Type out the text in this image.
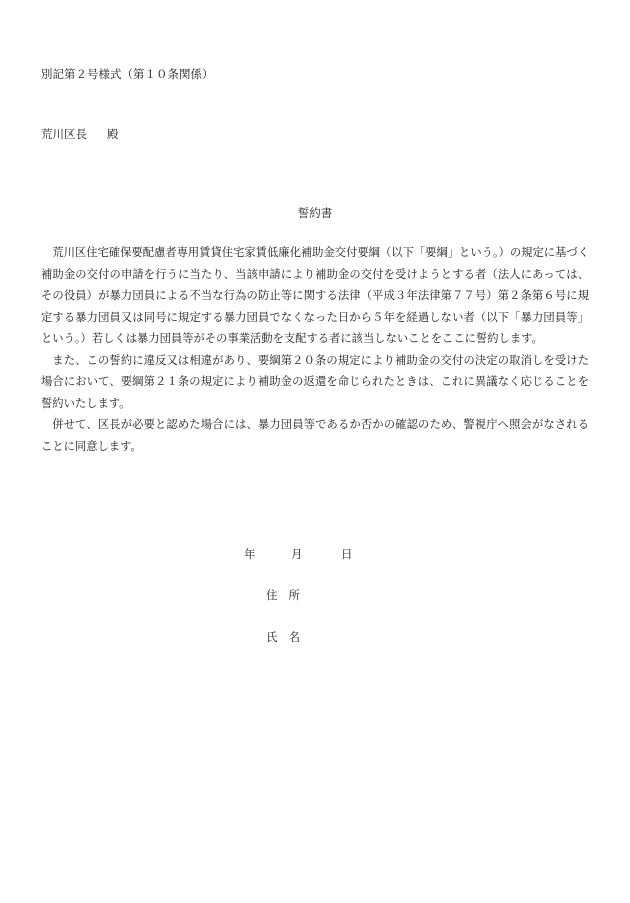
別記第２号様式（第１０条関係）
荒川区長 殿
誓約書

荒川区住宅確保要配慮者専用賃貸住宅家賃低廉化補助金交付要綱（以下「要綱」という。）の規定に基づく補助金の交付の申請を行うに当たり、当該申請により補助金の交付を受けようとする者（法人にあっては、その役員）が暴力団員による不当な行為の防止等に関する法律（平成３年法律第７７号）第２条第６号に規定する暴力団員又は同号に規定する暴力団員でなくなった日から５年を経過しない者（以下「暴力団員等」という。）若しくは暴力団員等がその事業活動を支配する者に該当しないことをここに誓約します。

また、この誓約に違反又は相違があり、要綱第２０条の規定により補助金の交付の決定の取消しを受けた場合において、要綱第２１条の規定により補助金の返還を命じられたときは、これに異議なく応じることを誓約いたします。

併せて、区長が必要と認めた場合には、暴力団員等であるか否かの確認のため、警視庁へ照会がなされることに同意します。

年	月	日
住 所
氏 名
